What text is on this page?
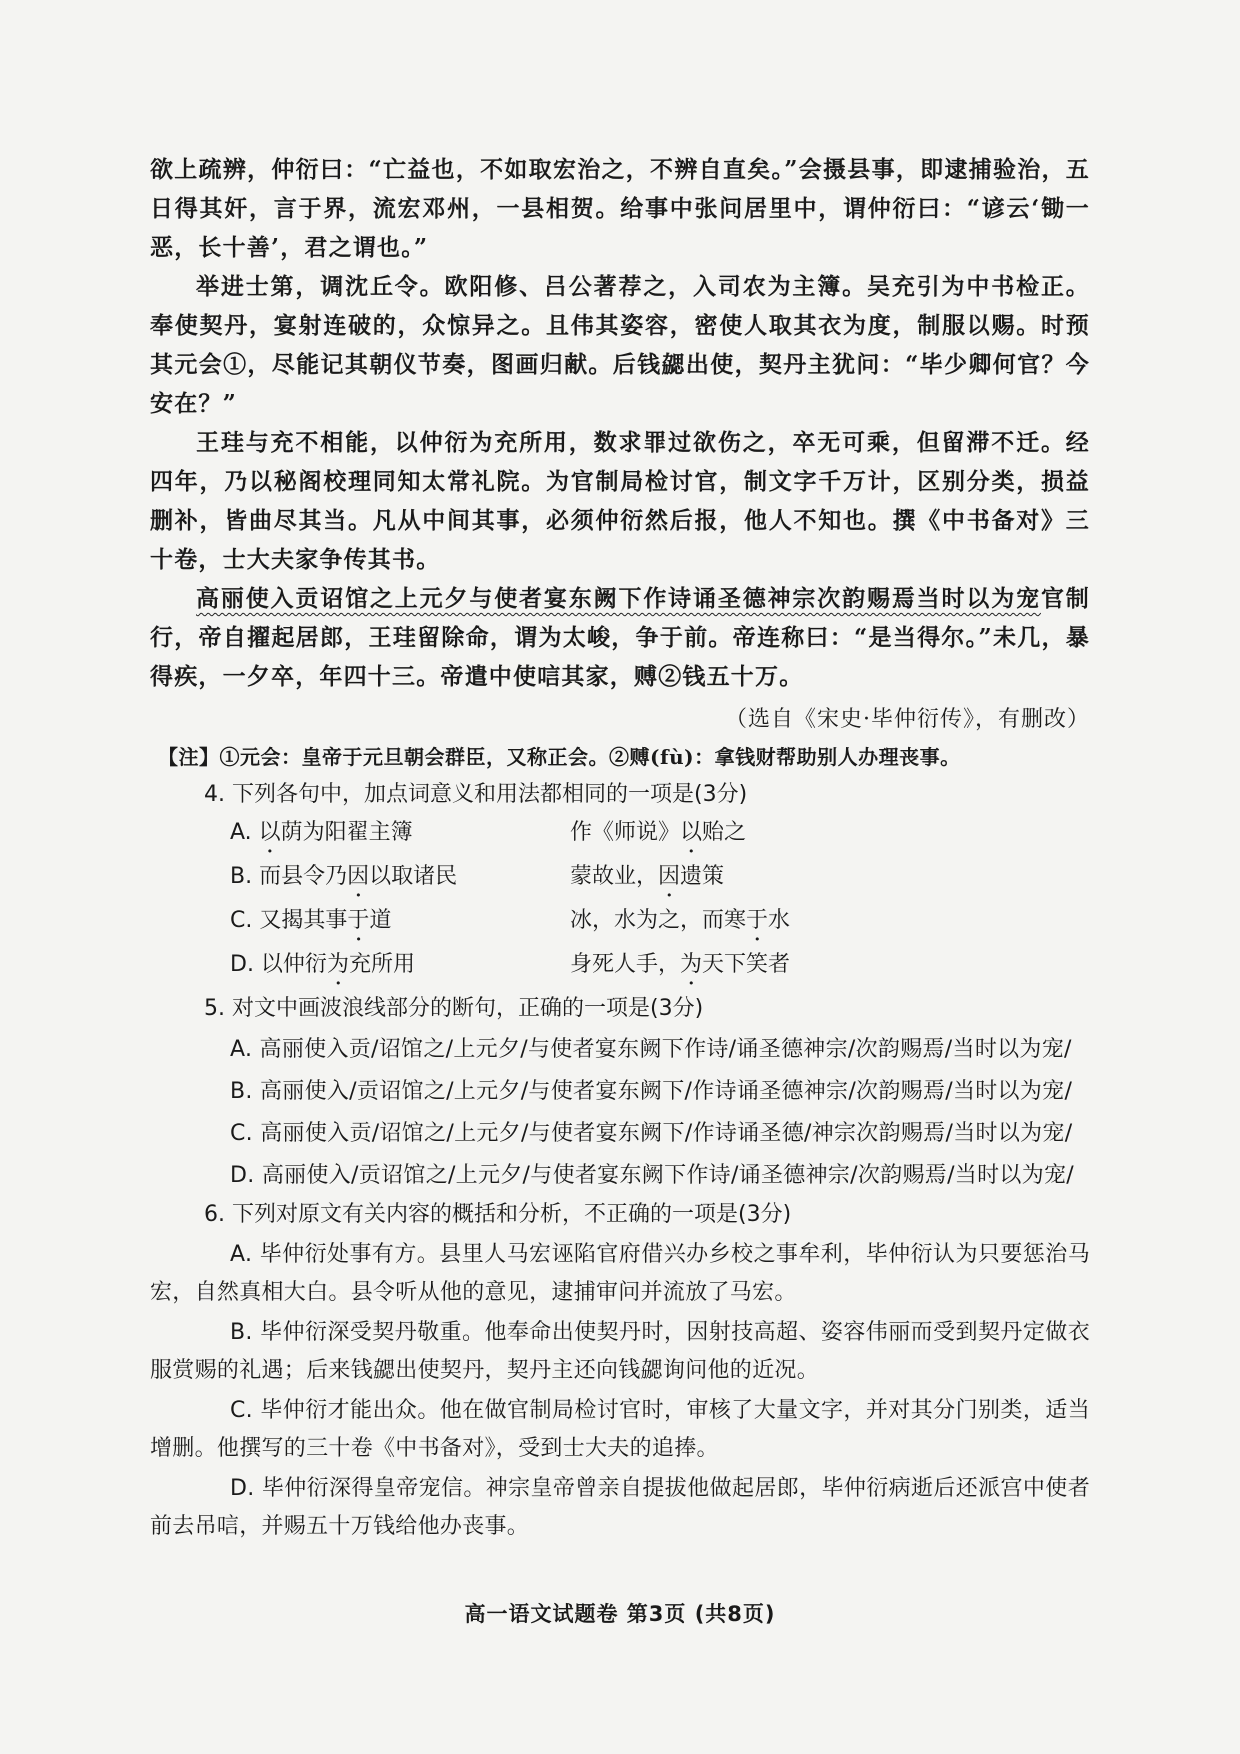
欲上疏辨，仲衍曰：“亡益也，不如取宏治之，不辨自直矣。”会摄县事，即逮捕验治，五日得其奸，言于界，流宏邓州，一县相贺。给事中张问居里中，谓仲衍曰：“谚云‘锄一恶，长十善’，君之谓也。”

举进士第，调沈丘令。欧阳修、吕公著荐之，入司农为主簿。吴充引为中书检正。奉使契丹，宴射连破的，众惊异之。且伟其姿容，密使人取其衣为度，制服以赐。时预其元会①，尽能记其朝仪节奏，图画归献。后钱勰出使，契丹主犹问：“毕少卿何官？今安在？”

王珪与充不相能，以仲衍为充所用，数求罪过欲伤之，卒无可乘，但留滞不迁。经四年，乃以秘阁校理同知太常礼院。为官制局检讨官，制文字千万计，区别分类，损益删补，皆曲尽其当。凡从中间其事，必须仲衍然后报，他人不知也。撰《中书备对》三十卷，士大夫家争传其书。

高丽使入贡诏馆之上元夕与使者宴东阙下作诗诵圣德神宗次韵赐焉当时以为宠官制行，帝自擢起居郎，王珪留除命，谓为太峻，争于前。帝连称曰：“是当得尔。”未几，暴得疾，一夕卒，年四十三。帝遣中使唁其家，赙②钱五十万。

（选自《宋史·毕仲衍传》，有删改）
【注】①元会：皇帝于元旦朝会群臣，又称正会。②赙(fù)：拿钱财帮助别人办理丧事。

4. 下列各句中，加点词意义和用法都相同的一项是(3分)

A. 以荫为阳翟主簿	作《师说》以贻之
B. 而县令乃因以取诸民	蒙故业，因遗策
C. 又揭其事于道	冰，水为之，而寒于水
D. 以仲衍为充所用	身死人手，为天下笑者

5. 对文中画波浪线部分的断句，正确的一项是(3分)

A. 高丽使入贡/诏馆之/上元夕/与使者宴东阙下作诗/诵圣德神宗/次韵赐焉/当时以为宠/

B. 高丽使入/贡诏馆之/上元夕/与使者宴东阙下/作诗诵圣德神宗/次韵赐焉/当时以为宠/

C. 高丽使入贡/诏馆之/上元夕/与使者宴东阙下/作诗诵圣德/神宗次韵赐焉/当时以为宠/

D. 高丽使入/贡诏馆之/上元夕/与使者宴东阙下作诗/诵圣德神宗/次韵赐焉/当时以为宠/

6. 下列对原文有关内容的概括和分析，不正确的一项是(3分)

A. 毕仲衍处事有方。县里人马宏诬陷官府借兴办乡校之事牟利，毕仲衍认为只要惩治马宏，自然真相大白。县令听从他的意见，逮捕审问并流放了马宏。

B. 毕仲衍深受契丹敬重。他奉命出使契丹时，因射技高超、姿容伟丽而受到契丹定做衣服赏赐的礼遇；后来钱勰出使契丹，契丹主还向钱勰询问他的近况。

C. 毕仲衍才能出众。他在做官制局检讨官时，审核了大量文字，并对其分门别类，适当增删。他撰写的三十卷《中书备对》，受到士大夫的追捧。

D. 毕仲衍深得皇帝宠信。神宗皇帝曾亲自提拔他做起居郎，毕仲衍病逝后还派宫中使者前去吊唁，并赐五十万钱给他办丧事。

高一语文试题卷 第3页 (共8页)
